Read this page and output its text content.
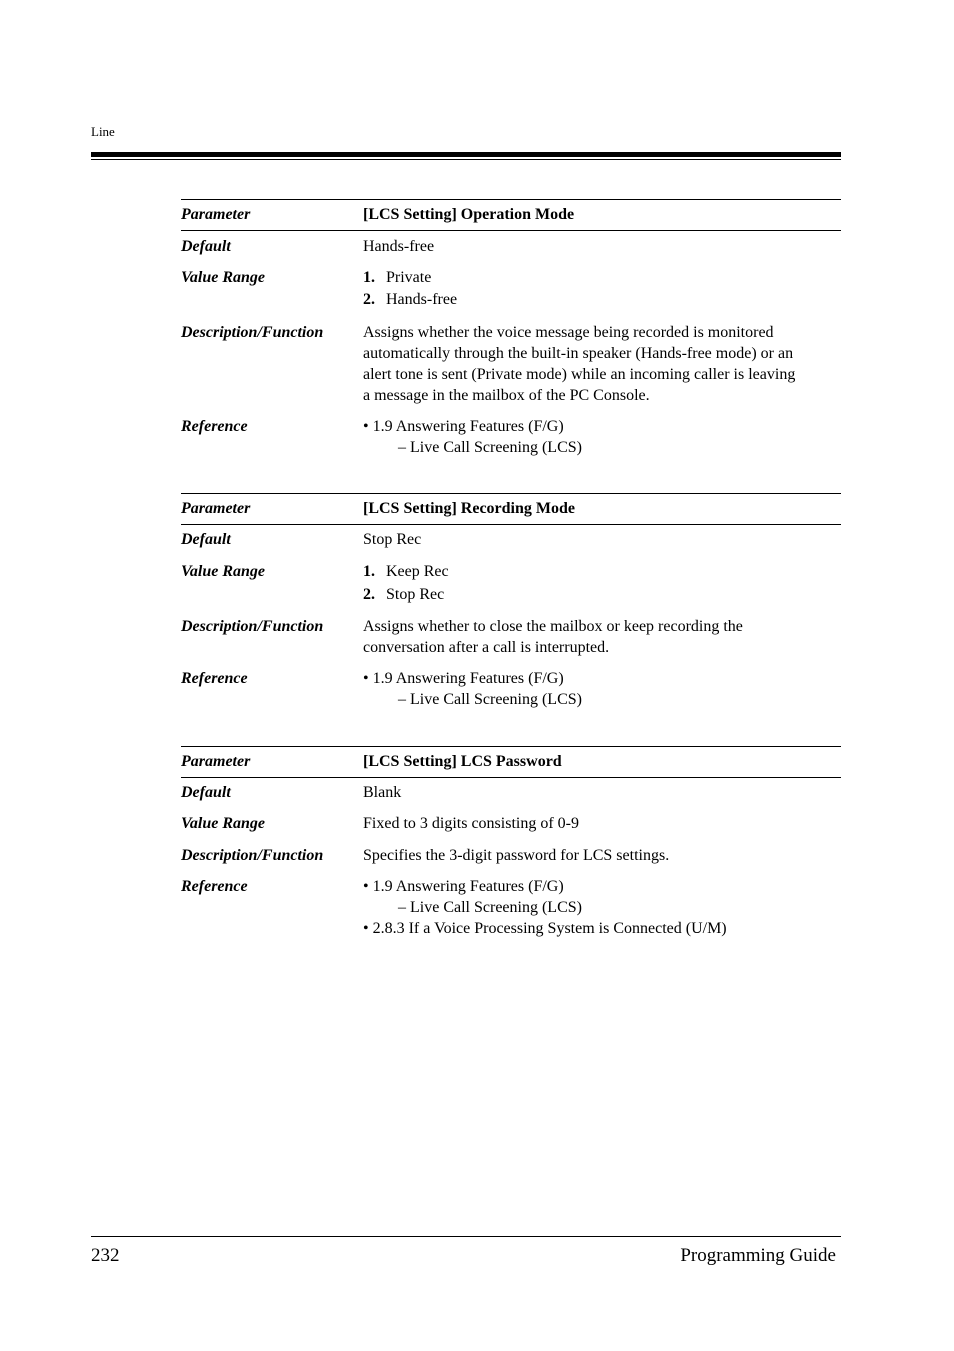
Line
Parameter	[LCS Setting] Operation Mode
Default	Hands-free
Value Range	1. Private
2. Hands-free
Description/Function Assigns whether the voice message being recorded is monitored
automatically through the built-in speaker (Hands-free mode) or an
alert tone is sent (Private mode) while an incoming caller is leaving
a message in the mailbox of the PC Console.
Reference	• 1.9 Answering Features (F/G)
– Live Call Screening (LCS)
Parameter	[LCS Setting] Recording Mode
Default	Stop Rec
Value Range	1. Keep Rec
2. Stop Rec
Description/Function Assigns whether to close the mailbox or keep recording the
conversation after a call is interrupted.
Reference	• 1.9 Answering Features (F/G)
– Live Call Screening (LCS)
Parameter	[LCS Setting] LCS Password
Default	Blank
Value Range	Fixed to 3 digits consisting of 0-9
Description/Function Specifies the 3-digit password for LCS settings.
Reference	• 1.9 Answering Features (F/G)
– Live Call Screening (LCS)
• 2.8.3 If a Voice Processing System is Connected (U/M)
232	Programming Guide
